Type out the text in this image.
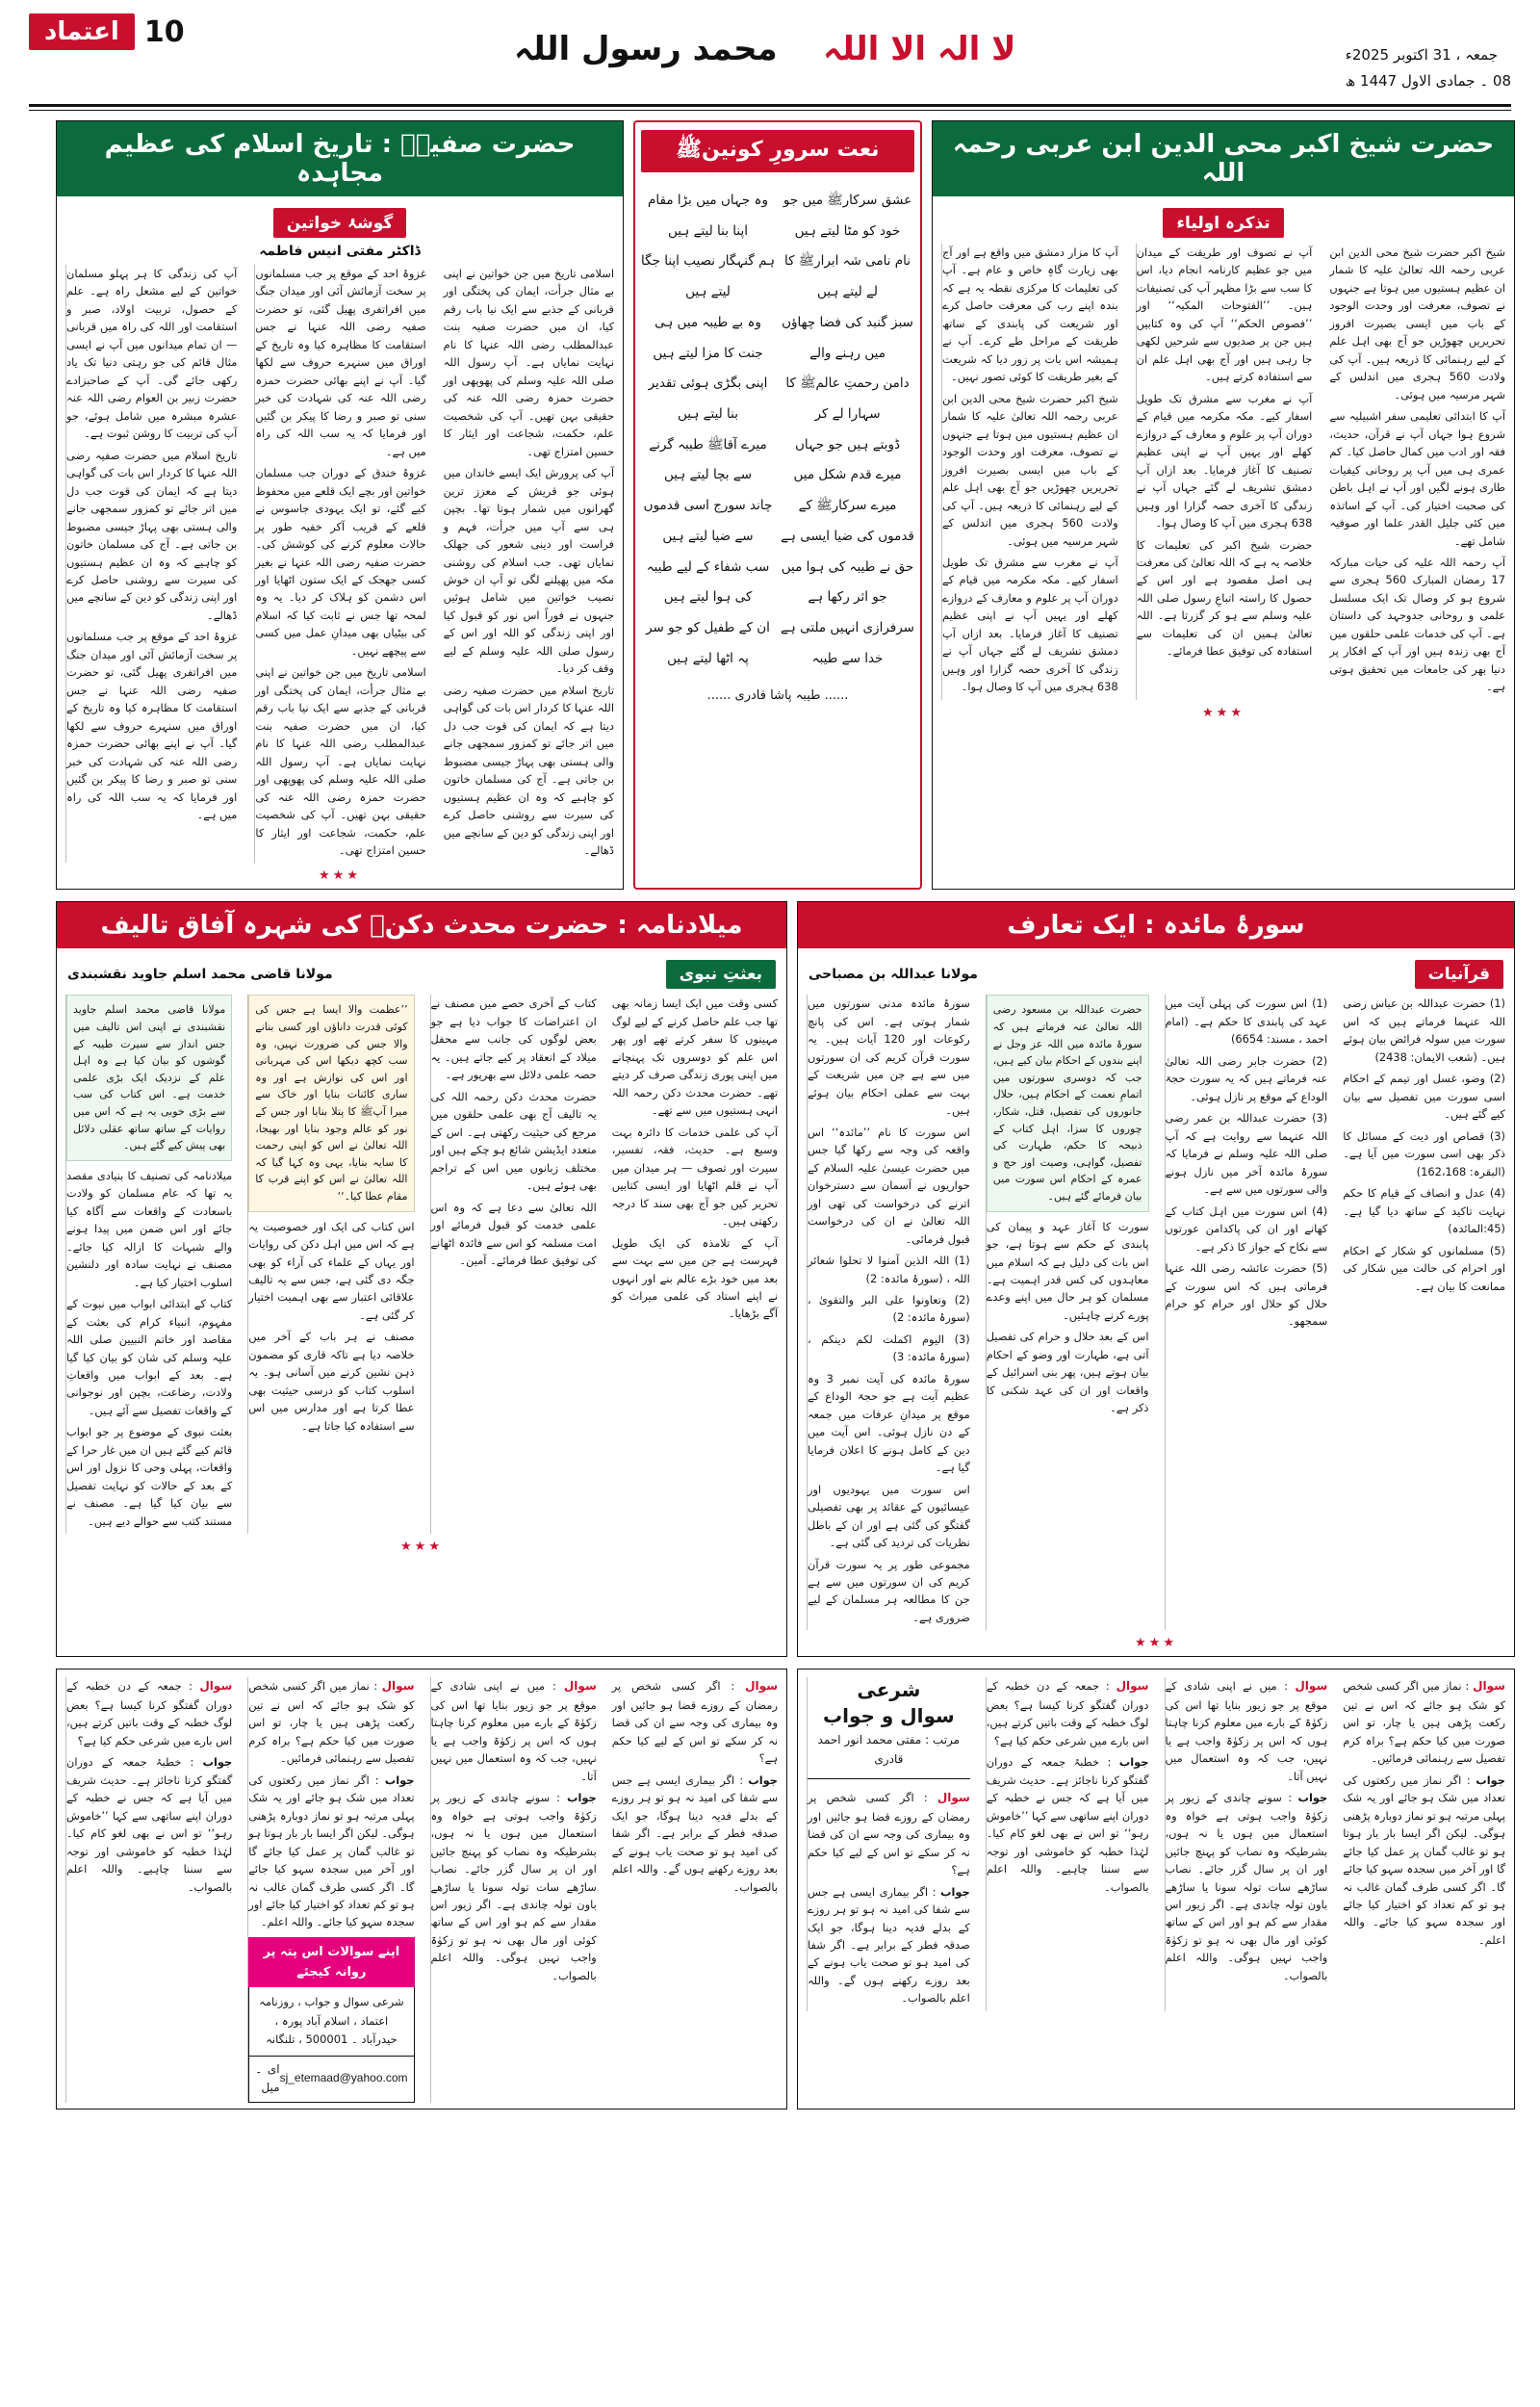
جمعہ ، 31 اکتوبر 2025ء
08 ۔ جمادی الاول 1447 ھ
لا الہ الا اللہ    محمد رسول اللہ
10
اعتماد
حضرت شیخ اکبر محی الدین ابن عربی رحمہ اللہ
تذکرہ اولیاء

شیخ اکبر حضرت شیخ محی الدین ابن عربی رحمہ اللہ تعالیٰ علیہ کا شمار ان عظیم ہستیوں میں ہوتا ہے جنہوں نے تصوف، معرفت اور وحدت الوجود کے باب میں ایسی بصیرت افروز تحریریں چھوڑیں جو آج بھی اہل علم کے لیے رہنمائی کا ذریعہ ہیں۔ آپ کی ولادت 560 ہجری میں اندلس کے شہر مرسیہ میں ہوئی۔

آپ کا ابتدائی تعلیمی سفر اشبیلیہ سے شروع ہوا جہاں آپ نے قرآن، حدیث، فقہ اور ادب میں کمال حاصل کیا۔ کم عمری ہی میں آپ پر روحانی کیفیات طاری ہونے لگیں اور آپ نے اہل باطن کی صحبت اختیار کی۔ آپ کے اساتذہ میں کئی جلیل القدر علما اور صوفیہ شامل تھے۔

آپ رحمہ اللہ علیہ کی حیات مبارکہ 17 رمضان المبارک 560 ہجری سے شروع ہو کر وصال تک ایک مسلسل علمی و روحانی جدوجہد کی داستان ہے۔ آپ کی خدمات علمی حلقوں میں آج بھی زندہ ہیں اور آپ کے افکار پر دنیا بھر کی جامعات میں تحقیق ہوتی ہے۔

آپ نے تصوف اور طریقت کے میدان میں جو عظیم کارنامہ انجام دیا، اس کا سب سے بڑا مظہر آپ کی تصنیفات ہیں۔ ’’الفتوحات المکیہ‘‘ اور ’’فصوص الحکم‘‘ آپ کی وہ کتابیں ہیں جن پر صدیوں سے شرحیں لکھی جا رہی ہیں اور آج بھی اہل علم ان سے استفادہ کرتے ہیں۔

آپ نے مغرب سے مشرق تک طویل اسفار کیے۔ مکہ مکرمہ میں قیام کے دوران آپ پر علوم و معارف کے دروازے کھلے اور یہیں آپ نے اپنی عظیم تصنیف کا آغاز فرمایا۔ بعد ازاں آپ دمشق تشریف لے گئے جہاں آپ نے زندگی کا آخری حصہ گزارا اور وہیں 638 ہجری میں آپ کا وصال ہوا۔

حضرت شیخ اکبر کی تعلیمات کا خلاصہ یہ ہے کہ اللہ تعالیٰ کی معرفت ہی اصل مقصود ہے اور اس کے حصول کا راستہ اتباعِ رسول صلی اللہ علیہ وسلم سے ہو کر گزرتا ہے۔ اللہ تعالیٰ ہمیں ان کی تعلیمات سے استفادہ کی توفیق عطا فرمائے۔

آپ کا مزار دمشق میں واقع ہے اور آج بھی زیارت گاہِ خاص و عام ہے۔ آپ کی تعلیمات کا مرکزی نقطہ یہ ہے کہ بندہ اپنے رب کی معرفت حاصل کرے اور شریعت کی پابندی کے ساتھ طریقت کے مراحل طے کرے۔ آپ نے ہمیشہ اس بات پر زور دیا کہ شریعت کے بغیر طریقت کا کوئی تصور نہیں۔

شیخ اکبر حضرت شیخ محی الدین ابن عربی رحمہ اللہ تعالیٰ علیہ کا شمار ان عظیم ہستیوں میں ہوتا ہے جنہوں نے تصوف، معرفت اور وحدت الوجود کے باب میں ایسی بصیرت افروز تحریریں چھوڑیں جو آج بھی اہل علم کے لیے رہنمائی کا ذریعہ ہیں۔ آپ کی ولادت 560 ہجری میں اندلس کے شہر مرسیہ میں ہوئی۔

آپ نے مغرب سے مشرق تک طویل اسفار کیے۔ مکہ مکرمہ میں قیام کے دوران آپ پر علوم و معارف کے دروازے کھلے اور یہیں آپ نے اپنی عظیم تصنیف کا آغاز فرمایا۔ بعد ازاں آپ دمشق تشریف لے گئے جہاں آپ نے زندگی کا آخری حصہ گزارا اور وہیں 638 ہجری میں آپ کا وصال ہوا۔

★★★
نعت سرورِ کونینﷺ
عشق سرکارﷺ میں جو خود کو مٹا لیتے ہیں
نام نامی شہ ابرارﷺ کا لے لیتے ہیں
سبز گنبد کی فضا چھاؤں میں رہنے والے
دامن رحمتِ عالمﷺ کا سہارا لے کر
ڈوبتے ہیں جو جہاں میرے قدم شکل میں
میرے سرکارﷺ کے قدموں کی ضیا ایسی ہے
حق نے طیبہ کی ہوا میں جو اثر رکھا ہے
سرفرازی انہیں ملتی ہے خدا سے طیبہ
وہ جہاں میں بڑا مقام اپنا بنا لیتے ہیں
ہم گنہگار نصیب اپنا جگا لیتے ہیں
وہ بے طیبہ میں ہی جنت کا مزا لیتے ہیں
اپنی بگڑی ہوئی تقدیر بنا لیتے ہیں
میرے آقاﷺ طیبہ گرنے سے بچا لیتے ہیں
چاند سورج اسی قدموں سے ضیا لیتے ہیں
سب شفاء کے لیے طیبہ کی ہوا لیتے ہیں
ان کے طفیل کو جو سر پہ اٹھا لیتے ہیں
...... طیبہ پاشا قادری ......
حضرت صفیہؓ : تاریخ اسلام کی عظیم مجاہدہ
گوشۂ خواتین
ڈاکٹر مفتی انیس فاطمہ

اسلامی تاریخ میں جن خواتین نے اپنی بے مثال جرأت، ایمان کی پختگی اور قربانی کے جذبے سے ایک نیا باب رقم کیا، ان میں حضرت صفیہ بنت عبدالمطلب رضی اللہ عنہا کا نام نہایت نمایاں ہے۔ آپ رسول اللہ صلی اللہ علیہ وسلم کی پھوپھی اور حضرت حمزہ رضی اللہ عنہ کی حقیقی بہن تھیں۔ آپ کی شخصیت علم، حکمت، شجاعت اور ایثار کا حسین امتزاج تھی۔

آپ کی پرورش ایک ایسے خاندان میں ہوئی جو قریش کے معزز ترین گھرانوں میں شمار ہوتا تھا۔ بچپن ہی سے آپ میں جرأت، فہم و فراست اور دینی شعور کی جھلک نمایاں تھی۔ جب اسلام کی روشنی مکہ میں پھیلنے لگی تو آپ ان خوش نصیب خواتین میں شامل ہوئیں جنہوں نے فوراً اس نور کو قبول کیا اور اپنی زندگی کو اللہ اور اس کے رسول صلی اللہ علیہ وسلم کے لیے وقف کر دیا۔

تاریخ اسلام میں حضرت صفیہ رضی اللہ عنہا کا کردار اس بات کی گواہی دیتا ہے کہ ایمان کی قوت جب دل میں اتر جائے تو کمزور سمجھی جانے والی ہستی بھی پہاڑ جیسی مضبوط بن جاتی ہے۔ آج کی مسلمان خاتون کو چاہیے کہ وہ ان عظیم ہستیوں کی سیرت سے روشنی حاصل کرے اور اپنی زندگی کو دین کے سانچے میں ڈھالے۔

غزوۂ احد کے موقع پر جب مسلمانوں پر سخت آزمائش آئی اور میدان جنگ میں افراتفری پھیل گئی، تو حضرت صفیہ رضی اللہ عنہا نے جس استقامت کا مظاہرہ کیا وہ تاریخ کے اوراق میں سنہرے حروف سے لکھا گیا۔ آپ نے اپنے بھائی حضرت حمزہ رضی اللہ عنہ کی شہادت کی خبر سنی تو صبر و رضا کا پیکر بن گئیں اور فرمایا کہ یہ سب اللہ کی راہ میں ہے۔

غزوۂ خندق کے دوران جب مسلمان خواتین اور بچے ایک قلعے میں محفوظ کیے گئے، تو ایک یہودی جاسوس نے قلعے کے قریب آکر خفیہ طور پر حالات معلوم کرنے کی کوشش کی۔ حضرت صفیہ رضی اللہ عنہا نے بغیر کسی جھجک کے ایک ستون اٹھایا اور اس دشمن کو ہلاک کر دیا۔ یہ وہ لمحہ تھا جس نے ثابت کیا کہ اسلام کی بیٹیاں بھی میدانِ عمل میں کسی سے پیچھے نہیں۔

اسلامی تاریخ میں جن خواتین نے اپنی بے مثال جرأت، ایمان کی پختگی اور قربانی کے جذبے سے ایک نیا باب رقم کیا، ان میں حضرت صفیہ بنت عبدالمطلب رضی اللہ عنہا کا نام نہایت نمایاں ہے۔ آپ رسول اللہ صلی اللہ علیہ وسلم کی پھوپھی اور حضرت حمزہ رضی اللہ عنہ کی حقیقی بہن تھیں۔ آپ کی شخصیت علم، حکمت، شجاعت اور ایثار کا حسین امتزاج تھی۔

آپ کی زندگی کا ہر پہلو مسلمان خواتین کے لیے مشعل راہ ہے۔ علم کے حصول، تربیت اولاد، صبر و استقامت اور اللہ کی راہ میں قربانی — ان تمام میدانوں میں آپ نے ایسی مثال قائم کی جو رہتی دنیا تک یاد رکھی جائے گی۔ آپ کے صاحبزادے حضرت زبیر بن العوام رضی اللہ عنہ عشرہ مبشرہ میں شامل ہوئے، جو آپ کی تربیت کا روشن ثبوت ہے۔

تاریخ اسلام میں حضرت صفیہ رضی اللہ عنہا کا کردار اس بات کی گواہی دیتا ہے کہ ایمان کی قوت جب دل میں اتر جائے تو کمزور سمجھی جانے والی ہستی بھی پہاڑ جیسی مضبوط بن جاتی ہے۔ آج کی مسلمان خاتون کو چاہیے کہ وہ ان عظیم ہستیوں کی سیرت سے روشنی حاصل کرے اور اپنی زندگی کو دین کے سانچے میں ڈھالے۔

غزوۂ احد کے موقع پر جب مسلمانوں پر سخت آزمائش آئی اور میدان جنگ میں افراتفری پھیل گئی، تو حضرت صفیہ رضی اللہ عنہا نے جس استقامت کا مظاہرہ کیا وہ تاریخ کے اوراق میں سنہرے حروف سے لکھا گیا۔ آپ نے اپنے بھائی حضرت حمزہ رضی اللہ عنہ کی شہادت کی خبر سنی تو صبر و رضا کا پیکر بن گئیں اور فرمایا کہ یہ سب اللہ کی راہ میں ہے۔

★★★
سورۂ مائدہ : ایک تعارف
قرآنیات
مولانا عبداللہ بن مصباحی

(1) حضرت عبداللہ بن عباس رضی اللہ عنہما فرماتے ہیں کہ اس سورت میں سولہ فرائض بیان ہوئے ہیں۔ (شعب الایمان: 2438)

(2) وضو، غسل اور تیمم کے احکام اسی سورت میں تفصیل سے بیان کیے گئے ہیں۔

(3) قصاص اور دیت کے مسائل کا ذکر بھی اسی سورت میں آیا ہے۔ (البقرہ: 162،168)

(4) عدل و انصاف کے قیام کا حکم نہایت تاکید کے ساتھ دیا گیا ہے۔ (45:المائدہ)

(5) مسلمانوں کو شکار کے احکام اور احرام کی حالت میں شکار کی ممانعت کا بیان ہے۔

(1) اس سورت کی پہلی آیت میں عہد کی پابندی کا حکم ہے۔ (امام احمد ، مسند: 6654)

(2) حضرت جابر رضی اللہ تعالیٰ عنہ فرماتے ہیں کہ یہ سورت حجۃ الوداع کے موقع پر نازل ہوئی۔

(3) حضرت عبداللہ بن عمر رضی اللہ عنہما سے روایت ہے کہ آپ صلی اللہ علیہ وسلم نے فرمایا کہ سورۂ مائدہ آخر میں نازل ہونے والی سورتوں میں سے ہے۔

(4) اس سورت میں اہل کتاب کے کھانے اور ان کی پاکدامن عورتوں سے نکاح کے جواز کا ذکر ہے۔

(5) حضرت عائشہ رضی اللہ عنہا فرماتی ہیں کہ اس سورت کے حلال کو حلال اور حرام کو حرام سمجھو۔

حضرت عبداللہ بن مسعود رضی اللہ تعالیٰ عنہ فرماتے ہیں کہ سورۂ مائدہ میں اللہ عز وجل نے اپنے بندوں کے احکام بیان کیے ہیں، جب کہ دوسری سورتوں میں اتمامِ نعمت کے احکام ہیں، حلال جانوروں کی تفصیل، قتل، شکار، چوروں کا سزا، اہل کتاب کے ذبیحہ کا حکم، طہارت کی تفصیل، گواہی، وصیت اور حج و عمرہ کے احکام اس سورت میں بیان فرمائے گئے ہیں۔

سورت کا آغاز عہد و پیمان کی پابندی کے حکم سے ہوتا ہے، جو اس بات کی دلیل ہے کہ اسلام میں معاہدوں کی کس قدر اہمیت ہے۔ مسلمان کو ہر حال میں اپنے وعدے پورے کرنے چاہئیں۔

اس کے بعد حلال و حرام کی تفصیل آتی ہے، طہارت اور وضو کے احکام بیان ہوتے ہیں، پھر بنی اسرائیل کے واقعات اور ان کی عہد شکنی کا ذکر ہے۔

سورۂ مائدہ مدنی سورتوں میں شمار ہوتی ہے۔ اس کی پانچ رکوعات اور 120 آیات ہیں۔ یہ سورت قرآن کریم کی ان سورتوں میں سے ہے جن میں شریعت کے بہت سے عملی احکام بیان ہوئے ہیں۔

اس سورت کا نام ’’مائدہ‘‘ اس واقعہ کی وجہ سے رکھا گیا جس میں حضرت عیسیٰ علیہ السلام کے حواریوں نے آسمان سے دسترخوان اترنے کی درخواست کی تھی اور اللہ تعالیٰ نے ان کی درخواست قبول فرمائی۔

(1) اللہ الذین آمنوا لا تحلوا شعائر اللہ ، (سورۂ مائدہ: 2)

(2) وتعاونوا علی البر والتقویٰ ، (سورۂ مائدہ: 2)

(3) الیوم اکملت لکم دینکم ، (سورۂ مائدہ: 3)

سورۂ مائدہ کی آیت نمبر 3 وہ عظیم آیت ہے جو حجۃ الوداع کے موقع پر میدانِ عرفات میں جمعہ کے دن نازل ہوئی۔ اس آیت میں دین کے کامل ہونے کا اعلان فرمایا گیا ہے۔

اس سورت میں یہودیوں اور عیسائیوں کے عقائد پر بھی تفصیلی گفتگو کی گئی ہے اور ان کے باطل نظریات کی تردید کی گئی ہے۔

مجموعی طور پر یہ سورت قرآن کریم کی ان سورتوں میں سے ہے جن کا مطالعہ ہر مسلمان کے لیے ضروری ہے۔

★★★
میلادنامہ : حضرت محدث دکنؒ کی شہرہ آفاق تالیف
بعثتِ نبوی
مولانا قاضی محمد اسلم جاوید نقشبندی

کسی وقت میں ایک ایسا زمانہ بھی تھا جب علم حاصل کرنے کے لیے لوگ مہینوں کا سفر کرتے تھے اور پھر اس علم کو دوسروں تک پہنچانے میں اپنی پوری زندگی صرف کر دیتے تھے۔ حضرت محدث دکن رحمہ اللہ انہی ہستیوں میں سے تھے۔

آپ کی علمی خدمات کا دائرہ بہت وسیع ہے۔ حدیث، فقہ، تفسیر، سیرت اور تصوف — ہر میدان میں آپ نے قلم اٹھایا اور ایسی کتابیں تحریر کیں جو آج بھی سند کا درجہ رکھتی ہیں۔

آپ کے تلامذہ کی ایک طویل فہرست ہے جن میں سے بہت سے بعد میں خود بڑے عالم بنے اور انہوں نے اپنے استاد کی علمی میراث کو آگے بڑھایا۔

کتاب کے آخری حصے میں مصنف نے ان اعتراضات کا جواب دیا ہے جو بعض لوگوں کی جانب سے محفل میلاد کے انعقاد پر کیے جاتے ہیں۔ یہ حصہ علمی دلائل سے بھرپور ہے۔

حضرت محدث دکن رحمہ اللہ کی یہ تالیف آج بھی علمی حلقوں میں مرجع کی حیثیت رکھتی ہے۔ اس کے متعدد ایڈیشن شائع ہو چکے ہیں اور مختلف زبانوں میں اس کے تراجم بھی ہوئے ہیں۔

اللہ تعالیٰ سے دعا ہے کہ وہ اس علمی خدمت کو قبول فرمائے اور امت مسلمہ کو اس سے فائدہ اٹھانے کی توفیق عطا فرمائے۔ آمین۔

’’عظمت والا ایسا ہے جس کی کوئی قدرت داناؤں اور کسی بنانے والا جس کی ضرورت نہیں، وہ سب کچھ دیکھا اس کی مہربانی اور اس کی نوازش ہے اور وہ ساری کائنات بنایا اور خاک سے میرا آپﷺ کا پتلا بنایا اور جس کے نور کو عالم وجود بنایا اور بھیجا، اللہ تعالیٰ نے اس کو اپنی رحمت کا سایہ بنایا، یہی وہ کہا گیا کہ اللہ تعالیٰ نے اس کو اپنے قرب کا مقام عطا کیا۔‘‘

اس کتاب کی ایک اور خصوصیت یہ ہے کہ اس میں اہل دکن کی روایات اور یہاں کے علماء کی آراء کو بھی جگہ دی گئی ہے، جس سے یہ تالیف علاقائی اعتبار سے بھی اہمیت اختیار کر گئی ہے۔

مصنف نے ہر باب کے آخر میں خلاصہ دیا ہے تاکہ قاری کو مضمون ذہن نشین کرنے میں آسانی ہو۔ یہ اسلوب کتاب کو درسی حیثیت بھی عطا کرتا ہے اور مدارس میں اس سے استفادہ کیا جاتا ہے۔

مولانا قاضی محمد اسلم جاوید نقشبندی نے اپنی اس تالیف میں جس انداز سے سیرت طیبہ کے گوشوں کو بیان کیا ہے وہ اہل علم کے نزدیک ایک بڑی علمی خدمت ہے۔ اس کتاب کی سب سے بڑی خوبی یہ ہے کہ اس میں روایات کے ساتھ ساتھ عقلی دلائل بھی پیش کیے گئے ہیں۔

میلادنامہ کی تصنیف کا بنیادی مقصد یہ تھا کہ عام مسلمان کو ولادت باسعادت کے واقعات سے آگاہ کیا جائے اور اس ضمن میں پیدا ہونے والے شبہات کا ازالہ کیا جائے۔ مصنف نے نہایت سادہ اور دلنشین اسلوب اختیار کیا ہے۔

کتاب کے ابتدائی ابواب میں نبوت کے مفہوم، انبیاء کرام کی بعثت کے مقاصد اور خاتم النبیین صلی اللہ علیہ وسلم کی شان کو بیان کیا گیا ہے۔ بعد کے ابواب میں واقعاتِ ولادت، رضاعت، بچپن اور نوجوانی کے واقعات تفصیل سے آئے ہیں۔

بعثت نبوی کے موضوع پر جو ابواب قائم کیے گئے ہیں ان میں غار حرا کے واقعات، پہلی وحی کا نزول اور اس کے بعد کے حالات کو نہایت تفصیل سے بیان کیا گیا ہے۔ مصنف نے مستند کتب سے حوالے دیے ہیں۔

★★★

سوال : نماز میں اگر کسی شخص کو شک ہو جائے کہ اس نے تین رکعت پڑھی ہیں یا چار، تو اس صورت میں کیا حکم ہے؟ براہ کرم تفصیل سے رہنمائی فرمائیں۔

جواب : اگر نماز میں رکعتوں کی تعداد میں شک ہو جائے اور یہ شک پہلی مرتبہ ہو تو نماز دوبارہ پڑھنی ہوگی۔ لیکن اگر ایسا بار بار ہوتا ہو تو غالب گمان پر عمل کیا جائے گا اور آخر میں سجدہ سہو کیا جائے گا۔ اگر کسی طرف گمان غالب نہ ہو تو کم تعداد کو اختیار کیا جائے اور سجدہ سہو کیا جائے۔ واللہ اعلم۔

سوال : میں نے اپنی شادی کے موقع پر جو زیور بنایا تھا اس کی زکوٰۃ کے بارے میں معلوم کرنا چاہتا ہوں کہ اس پر زکوٰۃ واجب ہے یا نہیں، جب کہ وہ استعمال میں نہیں آتا۔

جواب : سونے چاندی کے زیور پر زکوٰۃ واجب ہوتی ہے خواہ وہ استعمال میں ہوں یا نہ ہوں، بشرطیکہ وہ نصاب کو پہنچ جائیں اور ان پر سال گزر جائے۔ نصاب ساڑھے سات تولہ سونا یا ساڑھے باون تولہ چاندی ہے۔ اگر زیور اس مقدار سے کم ہو اور اس کے ساتھ کوئی اور مال بھی نہ ہو تو زکوٰۃ واجب نہیں ہوگی۔ واللہ اعلم بالصواب۔

سوال : جمعہ کے دن خطبہ کے دوران گفتگو کرنا کیسا ہے؟ بعض لوگ خطبہ کے وقت باتیں کرتے ہیں، اس بارے میں شرعی حکم کیا ہے؟

جواب : خطبۂ جمعہ کے دوران گفتگو کرنا ناجائز ہے۔ حدیث شریف میں آیا ہے کہ جس نے خطبہ کے دوران اپنے ساتھی سے کہا ’’خاموش رہو‘‘ تو اس نے بھی لغو کام کیا۔ لہٰذا خطبہ کو خاموشی اور توجہ سے سننا چاہیے۔ واللہ اعلم بالصواب۔

شرعی
سوال و جواب
مرتب : مفتی محمد انور احمد قادری

سوال : اگر کسی شخص پر رمضان کے روزے قضا ہو جائیں اور وہ بیماری کی وجہ سے ان کی قضا نہ کر سکے تو اس کے لیے کیا حکم ہے؟

جواب : اگر بیماری ایسی ہے جس سے شفا کی امید نہ ہو تو ہر روزے کے بدلے فدیہ دینا ہوگا، جو ایک صدقہ فطر کے برابر ہے۔ اگر شفا کی امید ہو تو صحت یاب ہونے کے بعد روزے رکھنے ہوں گے۔ واللہ اعلم بالصواب۔

سوال : اگر کسی شخص پر رمضان کے روزے قضا ہو جائیں اور وہ بیماری کی وجہ سے ان کی قضا نہ کر سکے تو اس کے لیے کیا حکم ہے؟

جواب : اگر بیماری ایسی ہے جس سے شفا کی امید نہ ہو تو ہر روزے کے بدلے فدیہ دینا ہوگا، جو ایک صدقہ فطر کے برابر ہے۔ اگر شفا کی امید ہو تو صحت یاب ہونے کے بعد روزے رکھنے ہوں گے۔ واللہ اعلم بالصواب۔

سوال : میں نے اپنی شادی کے موقع پر جو زیور بنایا تھا اس کی زکوٰۃ کے بارے میں معلوم کرنا چاہتا ہوں کہ اس پر زکوٰۃ واجب ہے یا نہیں، جب کہ وہ استعمال میں نہیں آتا۔

جواب : سونے چاندی کے زیور پر زکوٰۃ واجب ہوتی ہے خواہ وہ استعمال میں ہوں یا نہ ہوں، بشرطیکہ وہ نصاب کو پہنچ جائیں اور ان پر سال گزر جائے۔ نصاب ساڑھے سات تولہ سونا یا ساڑھے باون تولہ چاندی ہے۔ اگر زیور اس مقدار سے کم ہو اور اس کے ساتھ کوئی اور مال بھی نہ ہو تو زکوٰۃ واجب نہیں ہوگی۔ واللہ اعلم بالصواب۔

سوال : نماز میں اگر کسی شخص کو شک ہو جائے کہ اس نے تین رکعت پڑھی ہیں یا چار، تو اس صورت میں کیا حکم ہے؟ براہ کرم تفصیل سے رہنمائی فرمائیں۔

جواب : اگر نماز میں رکعتوں کی تعداد میں شک ہو جائے اور یہ شک پہلی مرتبہ ہو تو نماز دوبارہ پڑھنی ہوگی۔ لیکن اگر ایسا بار بار ہوتا ہو تو غالب گمان پر عمل کیا جائے گا اور آخر میں سجدہ سہو کیا جائے گا۔ اگر کسی طرف گمان غالب نہ ہو تو کم تعداد کو اختیار کیا جائے اور سجدہ سہو کیا جائے۔ واللہ اعلم۔

اپنے سوالات اس پتہ پر روانہ کیجئے
شرعی سوال و جواب ، روزنامہ اعتماد ، اسلام آباد پورہ ، حیدرآباد ۔ 500001 ، تلنگانہ
sj_etemaad@yahoo.com
ای ۔ میل

سوال : جمعہ کے دن خطبہ کے دوران گفتگو کرنا کیسا ہے؟ بعض لوگ خطبہ کے وقت باتیں کرتے ہیں، اس بارے میں شرعی حکم کیا ہے؟

جواب : خطبۂ جمعہ کے دوران گفتگو کرنا ناجائز ہے۔ حدیث شریف میں آیا ہے کہ جس نے خطبہ کے دوران اپنے ساتھی سے کہا ’’خاموش رہو‘‘ تو اس نے بھی لغو کام کیا۔ لہٰذا خطبہ کو خاموشی اور توجہ سے سننا چاہیے۔ واللہ اعلم بالصواب۔
